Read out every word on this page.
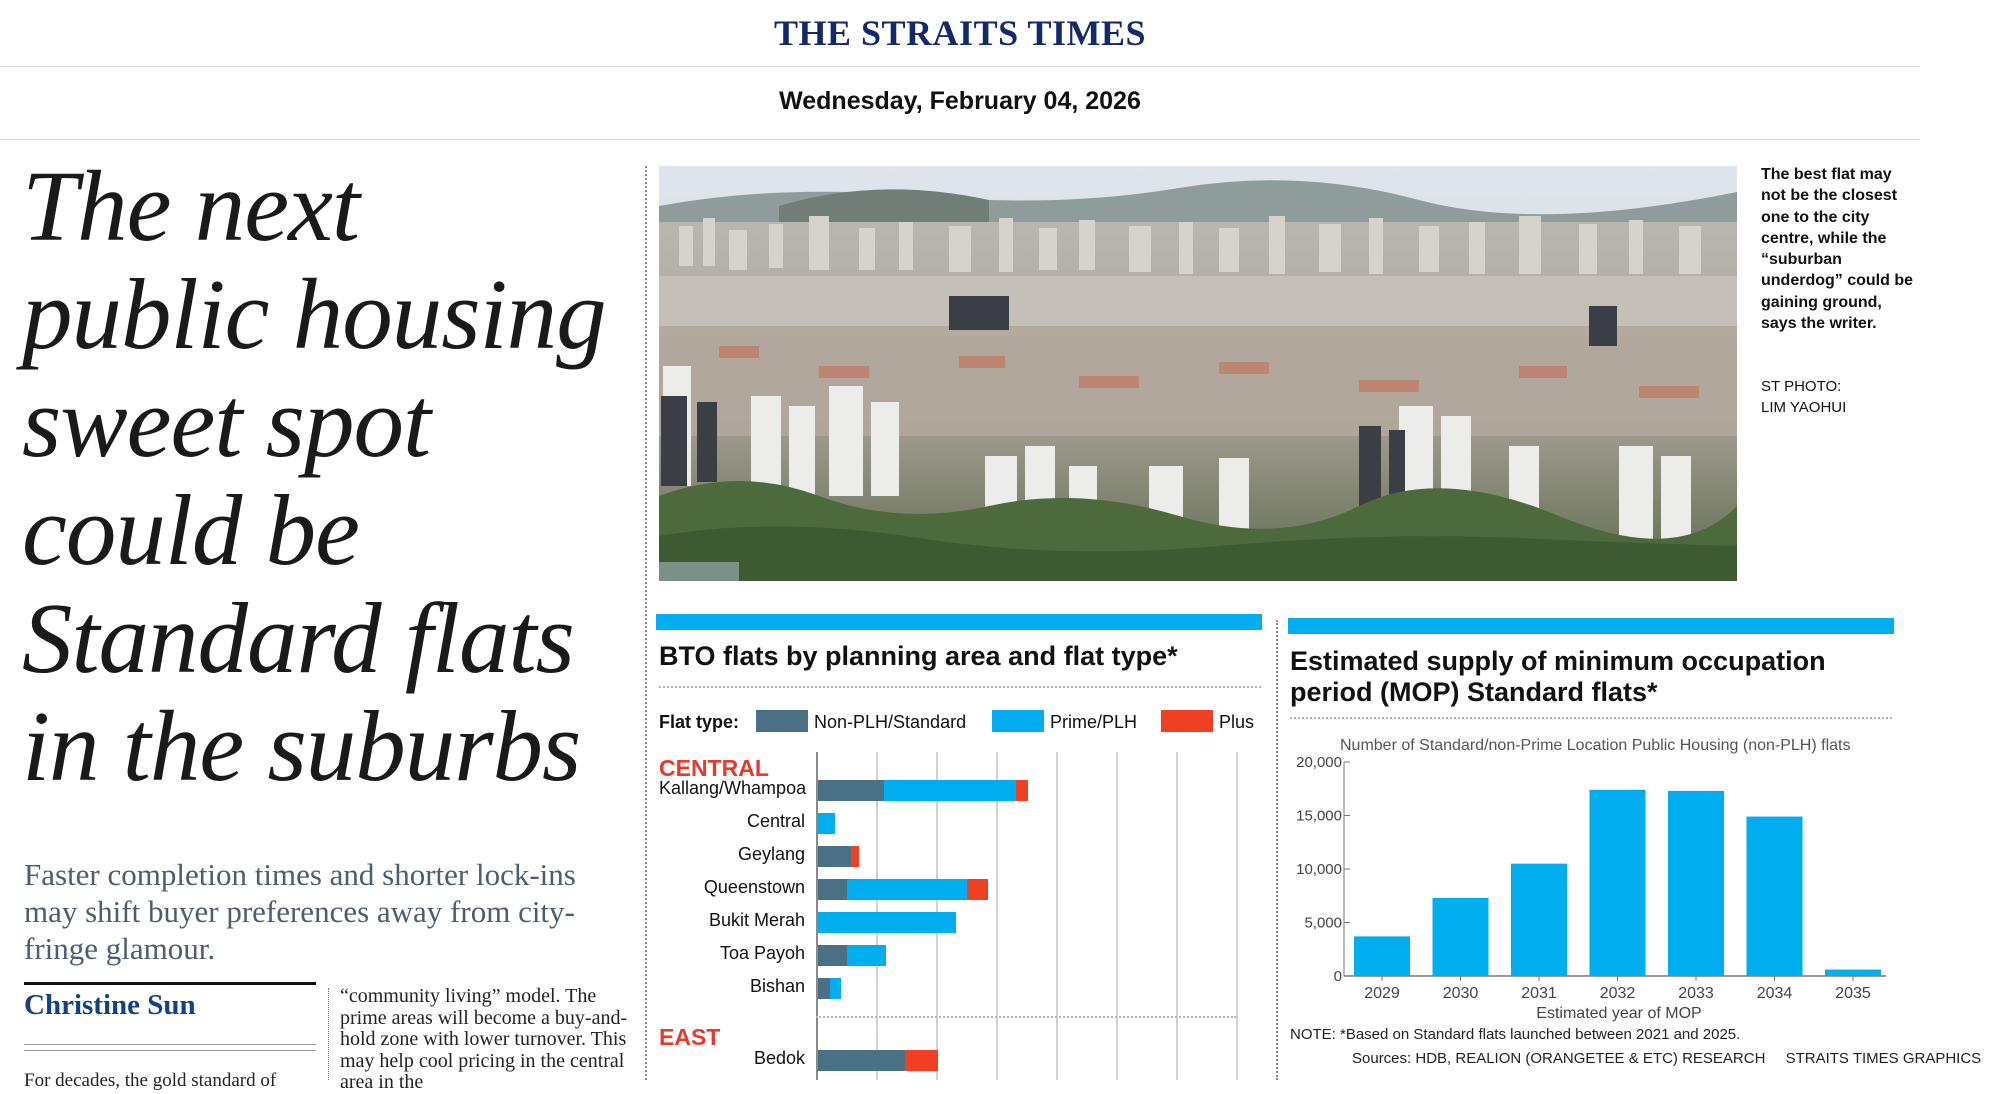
THE STRAITS TIMES
Wednesday, February 04, 2026
The next
public housing
sweet spot
could be
Standard flats
in the suburbs

Faster completion times and shorter lock-ins may shift buyer preferences away from city-fringe glamour.

Christine Sun

For decades, the gold standard of

“community living” model. The prime areas will become a buy-and-hold zone with lower turnover. This may help cool pricing in the central area in the

The best flat may not be the closest one to the city centre, while the “suburban underdog” could be gaining ground, says the writer.

ST PHOTO:
LIM YAOHUI
BTO flats by planning area and flat type*
Flat type:	Non-PLH/Standard	Prime/PLH	Plus
CENTRAL
EAST
Kallang/Whampoa
Central
Geylang
Queenstown
Bukit Merah
Toa Payoh
Bishan
Bedok
Estimated supply of minimum occupation period (MOP) Standard flats*
Number of Standard/non-Prime Location Public Housing (non-PLH) flats
0
5,000
10,000
15,000
20,000
2029	2030	2031	2032	2033	2034	2035
Estimated year of MOP
NOTE: *Based on Standard flats launched between 2021 and 2025.
Sources: HDB, REALION (ORANGETEE & ETC) RESEARCH STRAITS TIMES GRAPHICS
